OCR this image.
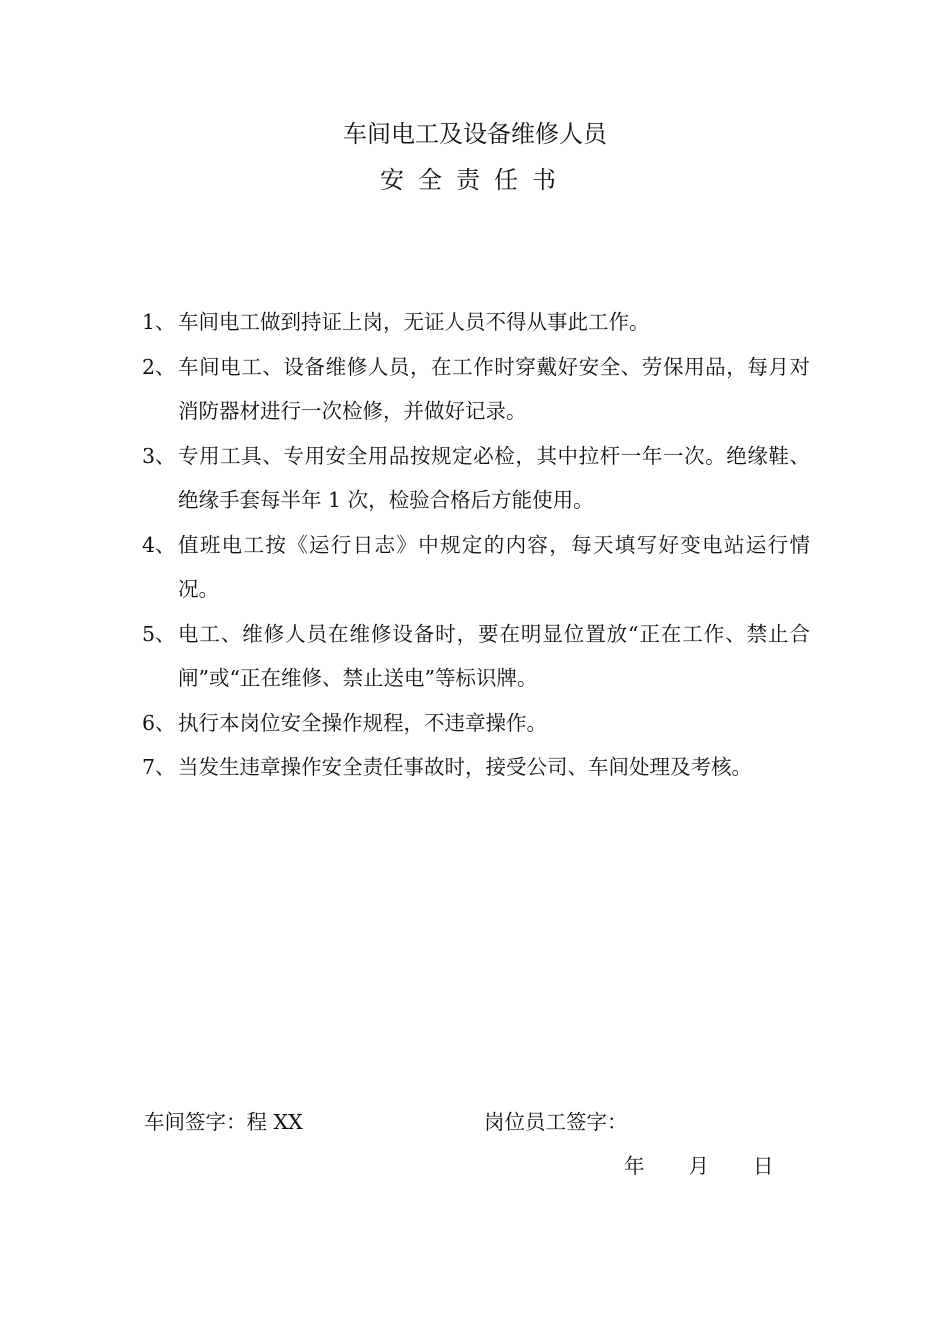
车间电工及设备维修人员
安全责任书
1、 车间电工做到持证上岗，无证人员不得从事此工作。
2、 车间电工、设备维修人员，在工作时穿戴好安全、劳保用品，每月对消防器材进行一次检修，并做好记录。
3、 专用工具、专用安全用品按规定必检，其中拉杆一年一次。绝缘鞋、绝缘手套每半年 1 次，检验合格后方能使用。
4、 值班电工按《运行日志》中规定的内容，每天填写好变电站运行情况。
5、 电工、维修人员在维修设备时，要在明显位置放“正在工作、禁止合闸”或“正在维修、禁止送电”等标识牌。
6、 执行本岗位安全操作规程，不违章操作。
7、 当发生违章操作安全责任事故时，接受公司、车间处理及考核。
车间签字：程 XX	岗位员工签字：
年 月 日
